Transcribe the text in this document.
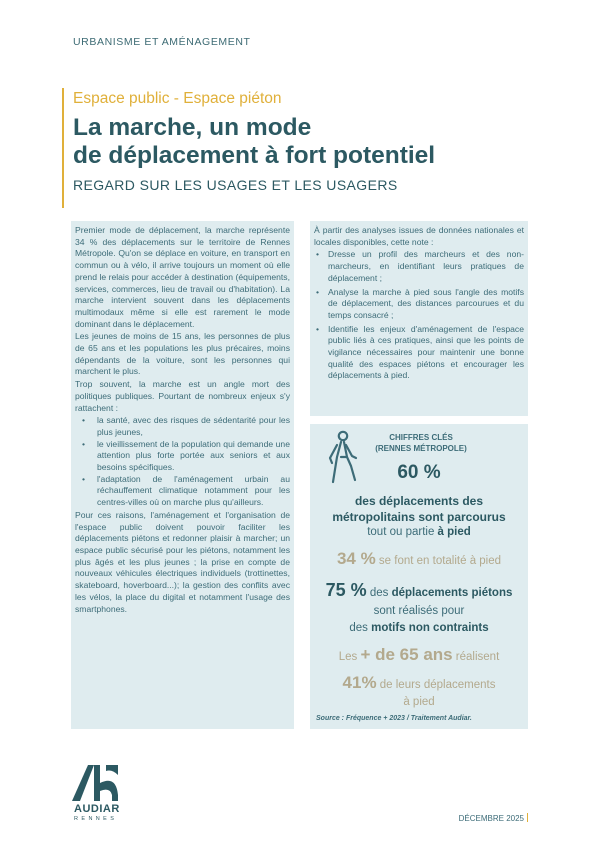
URBANISME ET AMÉNAGEMENT
Espace public - Espace piéton
La marche, un mode
de déplacement à fort potentiel
REGARD SUR LES USAGES ET LES USAGERS

Premier mode de déplacement, la marche représente 34 % des déplacements sur le territoire de Rennes Métropole. Qu'on se déplace en voiture, en transport en commun ou à vélo, il arrive toujours un moment où elle prend le relais pour accéder à destination (équipements, services, commerces, lieu de travail ou d'habitation). La marche intervient souvent dans les déplacements multimodaux même si elle est rarement le mode dominant dans le déplacement.

Les jeunes de moins de 15 ans, les personnes de plus de 65 ans et les populations les plus précaires, moins dépendants de la voiture, sont les personnes qui marchent le plus.

Trop souvent, la marche est un angle mort des politiques publiques. Pourtant de nombreux enjeux s'y rattachent :

• la santé, avec des risques de sédentarité pour les plus jeunes,
• le vieillissement de la population qui demande une attention plus forte portée aux seniors et aux besoins spécifiques.
• l'adaptation de l'aménagement urbain au réchauffement climatique notamment pour les centres-villes où on marche plus qu'ailleurs.

Pour ces raisons, l'aménagement et l'organisation de l'espace public doivent pouvoir faciliter les déplacements piétons et redonner plaisir à marcher; un espace public sécurisé pour les piétons, notamment les plus âgés et les plus jeunes ; la prise en compte de nouveaux véhicules électriques individuels (trottinettes, skateboard, hoverboard...); la gestion des conflits avec les vélos, la place du digital et notamment l'usage des smartphones.

À partir des analyses issues de données nationales et locales disponibles, cette note :

• Dresse un profil des marcheurs et des non-marcheurs, en identifiant leurs pratiques de déplacement ;
• Analyse la marche à pied sous l'angle des motifs de déplacement, des distances parcourues et du temps consacré ;
• Identifie les enjeux d'aménagement de l'espace public liés à ces pratiques, ainsi que les points de vigilance nécessaires pour maintenir une bonne qualité des espaces piétons et encourager les déplacements à pied.
CHIFFRES CLÉS
(RENNES MÉTROPOLE)
60 %
des déplacements des
métropolitains sont parcourus
tout ou partie à pied
34 % se font en totalité à pied
75 % des déplacements piétons
sont réalisés pour
des motifs non contraints
Les + de 65 ans réalisent
41% de leurs déplacements
à pied
Source : Fréquence + 2023 / Traitement Audiar.
AUDIAR
RENNES	DÉCEMBRE 2025
